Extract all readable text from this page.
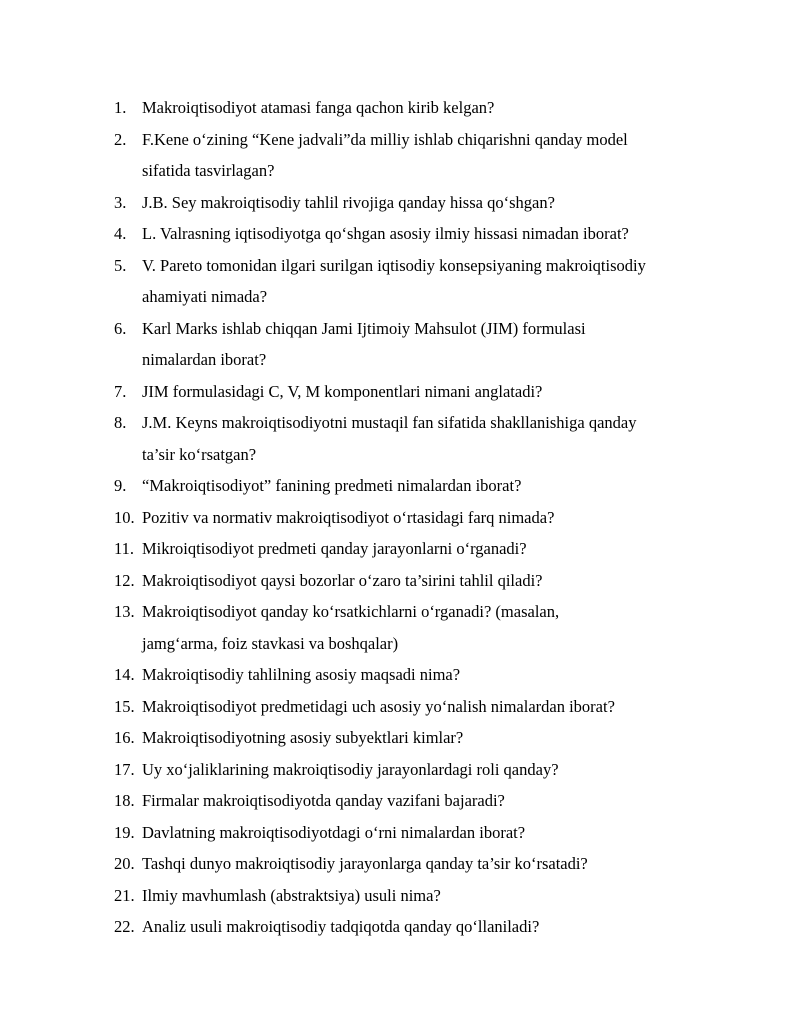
1. Makroiqtisodiyot atamasi fanga qachon kirib kelgan?
2. F.Kene o‘zining “Kene jadvali”da milliy ishlab chiqarishni qanday model sifatida tasvirlagan?
3. J.B. Sey makroiqtisodiy tahlil rivojiga qanday hissa qo‘shgan?
4. L. Valrasning iqtisodiyotga qo‘shgan asosiy ilmiy hissasi nimadan iborat?
5. V. Pareto tomonidan ilgari surilgan iqtisodiy konsepsiyaning makroiqtisodiy ahamiyati nimada?
6. Karl Marks ishlab chiqqan Jami Ijtimoiy Mahsulot (JIM) formulasi nimalardan iborat?
7. JIM formulasidagi C, V, M komponentlari nimani anglatadi?
8. J.M. Keyns makroiqtisodiyotni mustaqil fan sifatida shakllanishiga qanday ta’sir ko‘rsatgan?
9. “Makroiqtisodiyot” fanining predmeti nimalardan iborat?
10. Pozitiv va normativ makroiqtisodiyot o‘rtasidagi farq nimada?
11. Mikroiqtisodiyot predmeti qanday jarayonlarni o‘rganadi?
12. Makroiqtisodiyot qaysi bozorlar o‘zaro ta’sirini tahlil qiladi?
13. Makroiqtisodiyot qanday ko‘rsatkichlarni o‘rganadi? (masalan, jamg‘arma, foiz stavkasi va boshqalar)
14. Makroiqtisodiy tahlilning asosiy maqsadi nima?
15. Makroiqtisodiyot predmetidagi uch asosiy yo‘nalish nimalardan iborat?
16. Makroiqtisodiyotning asosiy subyektlari kimlar?
17. Uy xo‘jaliklarining makroiqtisodiy jarayonlardagi roli qanday?
18. Firmalar makroiqtisodiyotda qanday vazifani bajaradi?
19. Davlatning makroiqtisodiyotdagi o‘rni nimalardan iborat?
20. Tashqi dunyo makroiqtisodiy jarayonlarga qanday ta’sir ko‘rsatadi?
21. Ilmiy mavhumlash (abstraktsiya) usuli nima?
22. Analiz usuli makroiqtisodiy tadqiqotda qanday qo‘llaniladi?
